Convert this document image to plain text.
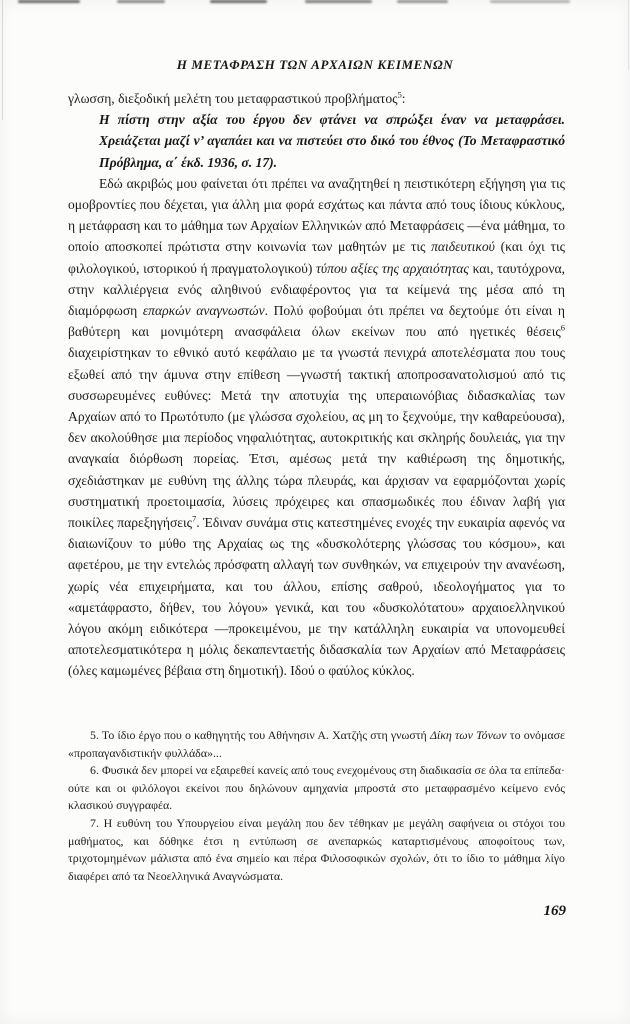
Η ΜΕΤΑΦΡΑΣΗ ΤΩΝ ΑΡΧΑΙΩΝ ΚΕΙΜΕΝΩΝ

γλωσση, διεξοδική μελέτη του μεταφραστικού προβλήματος$^5$:

Η πίστη στην αξία του έργου δεν φτάνει να σπρώξει έναν να μεταφράσει. Χρειάζεται μαζί ν’ αγαπάει και να πιστεύει στο δικό του έθνος (Το Μεταφραστικό Πρόβλημα, α΄ έκδ. 1936, σ. 17).

Εδώ ακριβώς μου φαίνεται ότι πρέπει να αναζητηθεί η πειστικότερη εξήγηση για τις ομοβροντίες που δέχεται, για άλλη μια φορά εσχάτως και πάντα από τους ίδιους κύκλους, η μετάφραση και το μάθημα των Αρχαίων Ελληνικών από Μεταφράσεις —ένα μάθημα, το οποίο αποσκοπεί πρώτιστα στην κοινωνία των μαθητών με τις παιδευτικού (και όχι τις φιλολογικού, ιστορικού ή πραγματολογικού) τύπου αξίες της αρχαιότητας και, ταυτόχρονα, στην καλλιέργεια ενός αληθινού ενδιαφέροντος για τα κείμενά της μέσα από τη διαμόρφωση επαρκών αναγνωστών. Πολύ φοβούμαι ότι πρέπει να δεχτούμε ότι είναι η βαθύτερη και μονιμότερη ανασφάλεια όλων εκείνων που από ηγετικές θέσεις$^6$ διαχειρίστηκαν το εθνικό αυτό κεφάλαιο με τα γνωστά πενιχρά αποτελέσματα που τους εξωθεί από την άμυνα στην επίθεση —γνωστή τακτική αποπροσανατολισμού από τις συσσωρευμένες ευθύνες: Μετά την αποτυχία της υπεραιωνόβιας διδασκαλίας των Αρχαίων από το Πρωτότυπο (με γλώσσα σχολείου, ας μη το ξεχνούμε, την καθαρεύουσα), δεν ακολούθησε μια περίοδος νηφαλιότητας, αυτοκριτικής και σκληρής δουλειάς, για την αναγκαία διόρθωση πορείας. Έτσι, αμέσως μετά την καθιέρωση της δημοτικής, σχεδιάστηκαν με ευθύνη της άλλης τώρα πλευράς, και άρχισαν να εφαρμόζονται χωρίς συστηματική προετοιμασία, λύσεις πρόχειρες και σπασμωδικές που έδιναν λαβή για ποικίλες παρεξηγήσεις$^7$. Έδιναν συνάμα στις κατεστημένες ενοχές την ευκαιρία αφενός να διαιωνίζουν το μύθο της Αρχαίας ως της «δυσκολότερης γλώσσας του κόσμου», και αφετέρου, με την εντελώς πρόσφατη αλλαγή των συνθηκών, να επιχειρούν την ανανέωση, χωρίς νέα επιχειρήματα, και του άλλου, επίσης σαθρού, ιδεολογήματος για το «αμετάφραστο, δήθεν, του λόγου» γενικά, και του «δυσκολότατου» αρχαιοελληνικού λόγου ακόμη ειδικότερα —προκειμένου, με την κατάλληλη ευκαιρία να υπονομευθεί αποτελεσματικότερα η μόλις δεκαπενταετής διδασκαλία των Αρχαίων από Μεταφράσεις (όλες καμωμένες βέβαια στη δημοτική). Ιδού ο φαύλος κύκλος.

5. Το ίδιο έργο που ο καθηγητής του Αθήνησιν Α. Χατζής στη γνωστή Δίκη των Τόνων το ονόμασε «προπαγανδιστικήν φυλλάδα»...

6. Φυσικά δεν μπορεί να εξαιρεθεί κανείς από τους ενεχομένους στη διαδικασία σε όλα τα επίπεδα· ούτε και οι φιλόλογοι εκείνοι που δηλώνουν αμηχανία μπροστά στο μεταφρασμένο κείμενο ενός κλασικού συγγραφέα.

7. Η ευθύνη του Υπουργείου είναι μεγάλη που δεν τέθηκαν με μεγάλη σαφήνεια οι στόχοι του μαθήματος, και δόθηκε έτσι η εντύπωση σε ανεπαρκώς καταρτισμένους αποφοίτους των, τριχοτομημένων μάλιστα από ένα σημείο και πέρα Φιλοσοφικών σχολών, ότι το ίδιο το μάθημα λίγο διαφέρει από τα Νεοελληνικά Αναγνώσματα.

169
